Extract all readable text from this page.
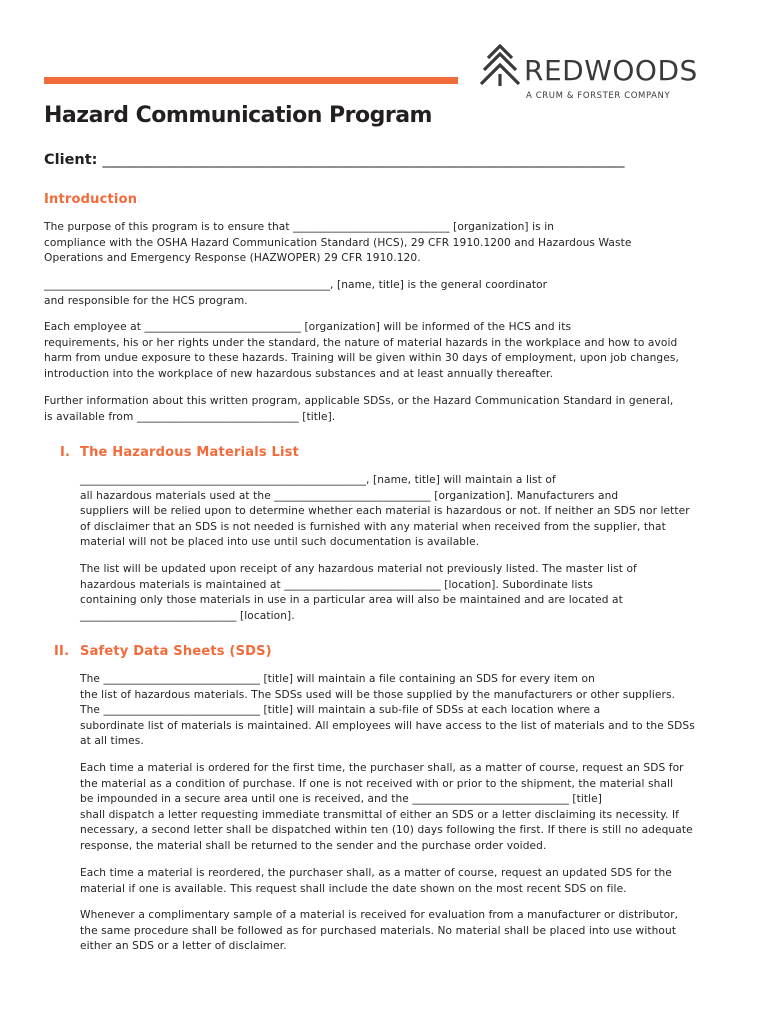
REDWOODS
A CRUM & FORSTER COMPANY
Hazard Communication Program
Client: ________________________________________________________________________
Introduction
The purpose of this program is to ensure that _____________________________ [organization] is in
compliance with the OSHA Hazard Communication Standard (HCS), 29 CFR 1910.1200 and Hazardous Waste
Operations and Emergency Response (HAZWOPER) 29 CFR 1910.120.
_____________________________________________________, [name, title] is the general coordinator
and responsible for the HCS program.
Each employee at _____________________________ [organization] will be informed of the HCS and its
requirements, his or her rights under the standard, the nature of material hazards in the workplace and how to avoid
harm from undue exposure to these hazards. Training will be given within 30 days of employment, upon job changes,
introduction into the workplace of new hazardous substances and at least annually thereafter.
Further information about this written program, applicable SDSs, or the Hazard Communication Standard in general,
is available from ______________________________ [title].
I. The Hazardous Materials List
_____________________________________________________, [name, title] will maintain a list of
all hazardous materials used at the _____________________________ [organization]. Manufacturers and
suppliers will be relied upon to determine whether each material is hazardous or not. If neither an SDS nor letter
of disclaimer that an SDS is not needed is furnished with any material when received from the supplier, that
material will not be placed into use until such documentation is available.
The list will be updated upon receipt of any hazardous material not previously listed. The master list of
hazardous materials is maintained at _____________________________ [location]. Subordinate lists
containing only those materials in use in a particular area will also be maintained and are located at
_____________________________ [location].
II. Safety Data Sheets (SDS)
The _____________________________ [title] will maintain a file containing an SDS for every item on
the list of hazardous materials. The SDSs used will be those supplied by the manufacturers or other suppliers.
The _____________________________ [title] will maintain a sub-file of SDSs at each location where a
subordinate list of materials is maintained. All employees will have access to the list of materials and to the SDSs
at all times.
Each time a material is ordered for the first time, the purchaser shall, as a matter of course, request an SDS for
the material as a condition of purchase. If one is not received with or prior to the shipment, the material shall
be impounded in a secure area until one is received, and the _____________________________ [title]
shall dispatch a letter requesting immediate transmittal of either an SDS or a letter disclaiming its necessity. If
necessary, a second letter shall be dispatched within ten (10) days following the first. If there is still no adequate
response, the material shall be returned to the sender and the purchase order voided.
Each time a material is reordered, the purchaser shall, as a matter of course, request an updated SDS for the
material if one is available. This request shall include the date shown on the most recent SDS on file.
Whenever a complimentary sample of a material is received for evaluation from a manufacturer or distributor,
the same procedure shall be followed as for purchased materials. No material shall be placed into use without
either an SDS or a letter of disclaimer.
